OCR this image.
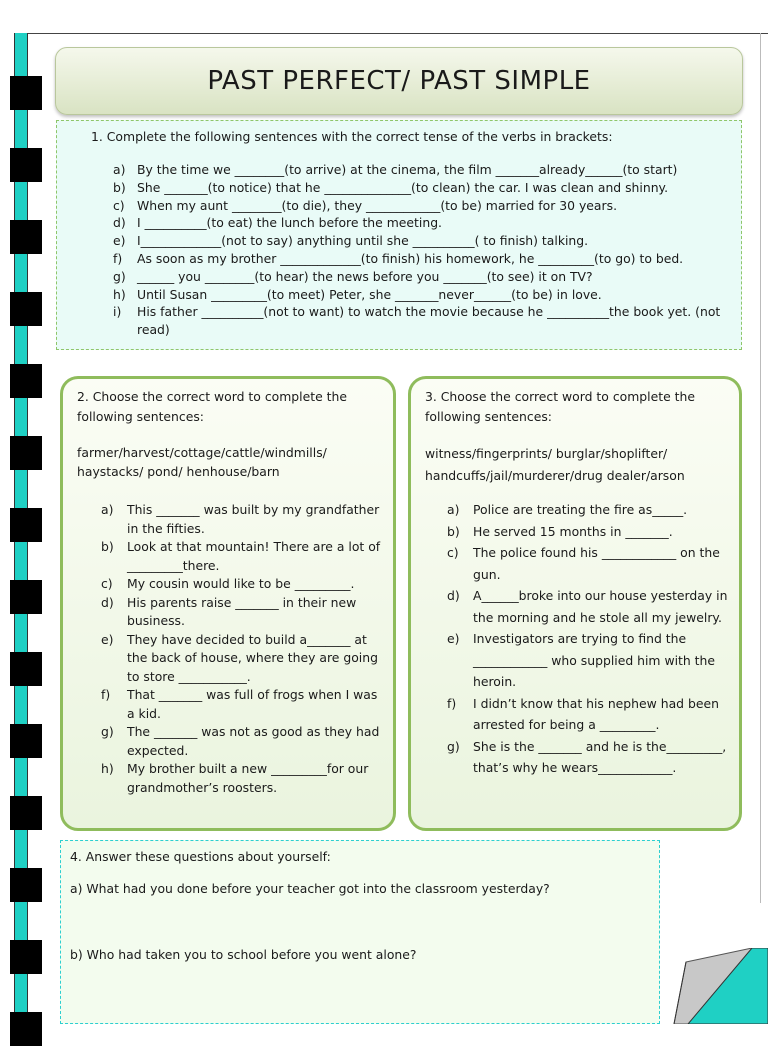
PAST PERFECT/ PAST SIMPLE
1. Complete the following sentences with the correct tense of the verbs in brackets:
a) By the time we ________(to arrive) at the cinema, the film _______already______(to start)
b) She _______(to notice) that he ______________(to clean) the car. I was clean and shinny.
c) When my aunt ________(to die), they ____________(to be) married for 30 years.
d) I __________(to eat) the lunch before the meeting.
e) I_____________(not to say) anything until she __________( to finish) talking.
f)	As soon as my brother _____________(to finish) his homework, he _________(to go) to bed.
g) ______ you ________(to hear) the news before you _______(to see) it on TV?
h) Until Susan _________(to meet) Peter, she _______never______(to be) in love.
i)	His father __________(not to want) to watch the movie because he __________the book yet. (not read)
2. Choose the correct word to complete the following sentences:
farmer/harvest/cottage/cattle/windmills/ haystacks/ pond/ henhouse/barn
a)	This _______ was built by my grandfather in the fifties.
b)	Look at that mountain! There are a lot of _________there.
c)	My cousin would like to be _________.
d)	His parents raise _______ in their new business.
e)	They have decided to build a_______ at the back of house, where they are going to store ___________.
f)	That _______ was full of frogs when I was a kid.
g)	The _______ was not as good as they had expected.
h)	My brother built a new _________for our grandmother’s roosters.
3. Choose the correct word to complete the following sentences:
witness/fingerprints/ burglar/shoplifter/ handcuffs/jail/murderer/drug dealer/arson
a)	Police are treating the fire as_____.
b)	He served 15 months in _______.
c)	The police found his ____________ on the gun.
d)	A______broke into our house yesterday in the morning and he stole all my jewelry.
e)	Investigators are trying to find the ____________ who supplied him with the heroin.
f)	I didn’t know that his nephew had been arrested for being a _________.
g)	She is the _______ and he is the_________, that’s why he wears____________.

4. Answer these questions about yourself:

a) What had you done before your teacher got into the classroom yesterday?

b) Who had taken you to school before you went alone?
